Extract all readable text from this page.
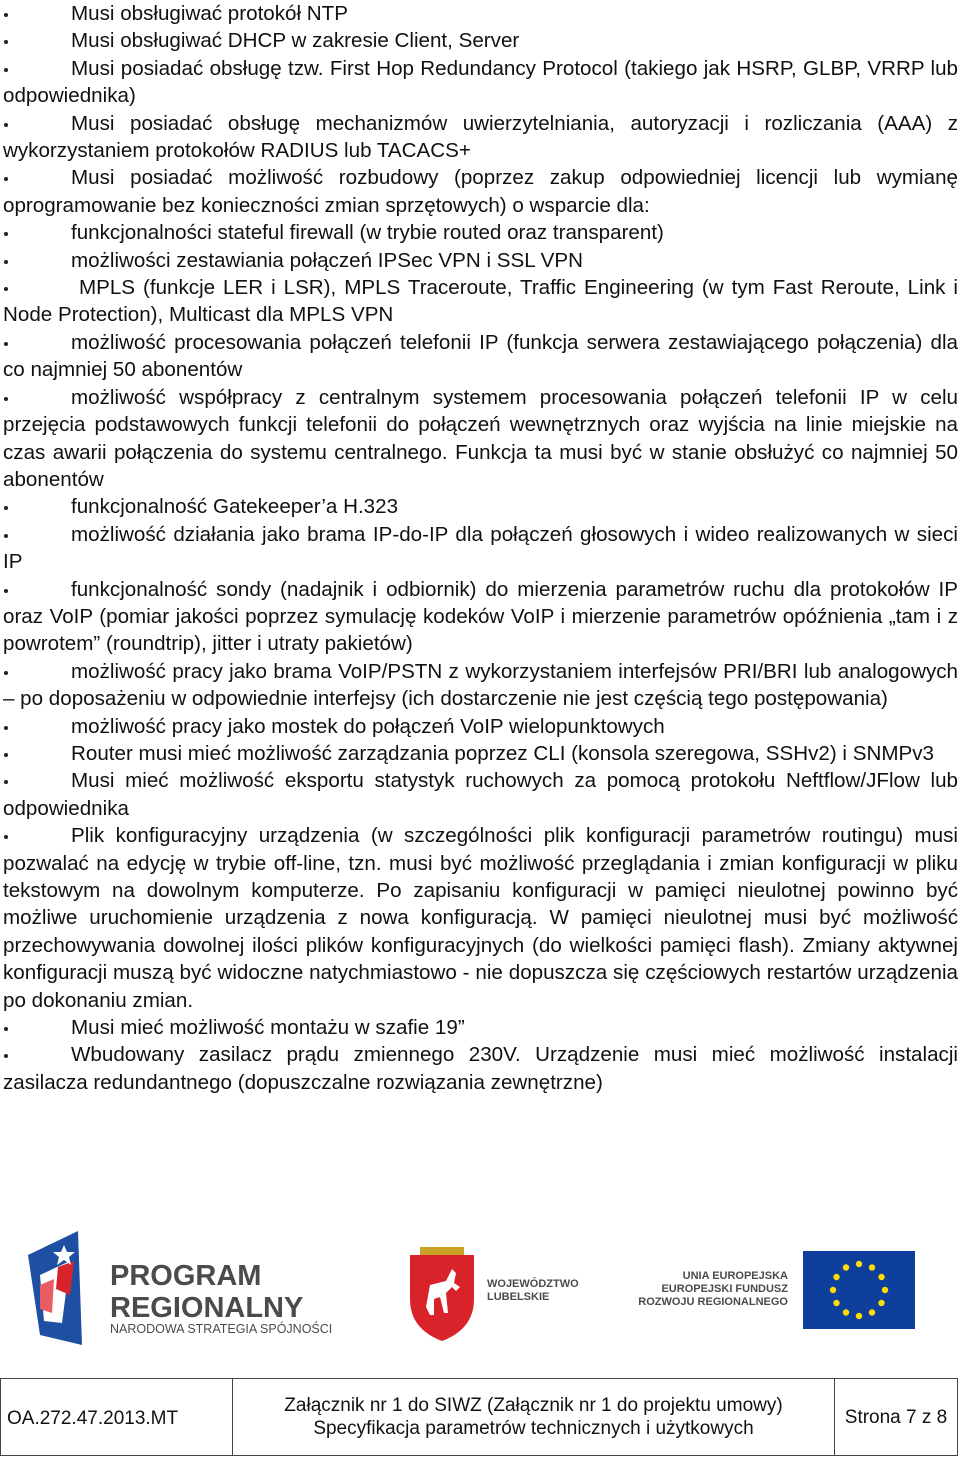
Musi obsługiwać protokół NTP

Musi obsługiwać DHCP w zakresie Client, Server

Musi posiadać obsługę tzw. First Hop Redundancy Protocol (takiego jak HSRP, GLBP, VRRP lub odpowiednika)

Musi posiadać obsługę mechanizmów uwierzytelniania, autoryzacji i rozliczania (AAA) z wykorzystaniem protokołów RADIUS lub TACACS+

Musi posiadać możliwość rozbudowy (poprzez zakup odpowiedniej licencji lub wymianę oprogramowanie bez konieczności zmian sprzętowych) o wsparcie dla:

funkcjonalności stateful firewall (w trybie routed oraz transparent)

możliwości zestawiania połączeń IPSec VPN i SSL VPN

MPLS (funkcje LER i LSR), MPLS Traceroute, Traffic Engineering (w tym Fast Reroute, Link i Node Protection), Multicast dla MPLS VPN

możliwość procesowania połączeń telefonii IP (funkcja serwera zestawiającego połączenia) dla co najmniej 50 abonentów

możliwość współpracy z centralnym systemem procesowania połączeń telefonii IP w celu przejęcia podstawowych funkcji telefonii do połączeń wewnętrznych oraz wyjścia na linie miejskie na czas awarii połączenia do systemu centralnego. Funkcja ta musi być w stanie obsłużyć co najmniej 50 abonentów

funkcjonalność Gatekeeper’a H.323

możliwość działania jako brama IP-do-IP dla połączeń głosowych i wideo realizowanych w sieci IP

funkcjonalność sondy (nadajnik i odbiornik) do mierzenia parametrów ruchu dla protokołów IP oraz VoIP (pomiar jakości poprzez symulację kodeków VoIP i mierzenie parametrów opóźnienia „tam i z powrotem” (roundtrip), jitter i utraty pakietów)

możliwość pracy jako brama VoIP/PSTN z wykorzystaniem interfejsów PRI/BRI lub analogowych – po doposażeniu w odpowiednie interfejsy (ich dostarczenie nie jest częścią tego postępowania)

możliwość pracy jako mostek do połączeń VoIP wielopunktowych

Router musi mieć możliwość zarządzania poprzez CLI (konsola szeregowa, SSHv2) i SNMPv3

Musi mieć możliwość eksportu statystyk ruchowych za pomocą protokołu Neftflow/JFlow lub odpowiednika

Plik konfiguracyjny urządzenia (w szczególności plik konfiguracji parametrów routingu) musi pozwalać na edycję w trybie off-line, tzn. musi być możliwość przeglądania i zmian konfiguracji w pliku tekstowym na dowolnym komputerze. Po zapisaniu konfiguracji w pamięci nieulotnej powinno być możliwe uruchomienie urządzenia z nowa konfiguracją. W pamięci nieulotnej musi być możliwość przechowywania dowolnej ilości plików konfiguracyjnych (do wielkości pamięci flash). Zmiany aktywnej konfiguracji muszą być widoczne natychmiastowo - nie dopuszcza się częściowych restartów urządzenia po dokonaniu zmian.

Musi mieć możliwość montażu w szafie 19”

Wbudowany zasilacz prądu zmiennego 230V. Urządzenie musi mieć możliwość instalacji zasilacza redundantnego (dopuszczalne rozwiązania zewnętrzne)

PROGRAM
REGIONALNY
NARODOWA STRATEGIA SPÓJNOŚCI
WOJEWÓDZTWO
LUBELSKIE
UNIA EUROPEJSKA
EUROPEJSKI FUNDUSZ
ROZWOJU REGIONALNEGO
OA.272.47.2013.MT
Załącznik nr 1 do SIWZ (Załącznik nr 1 do projektu umowy)
Specyfikacja parametrów technicznych i użytkowych
Strona 7 z 8
